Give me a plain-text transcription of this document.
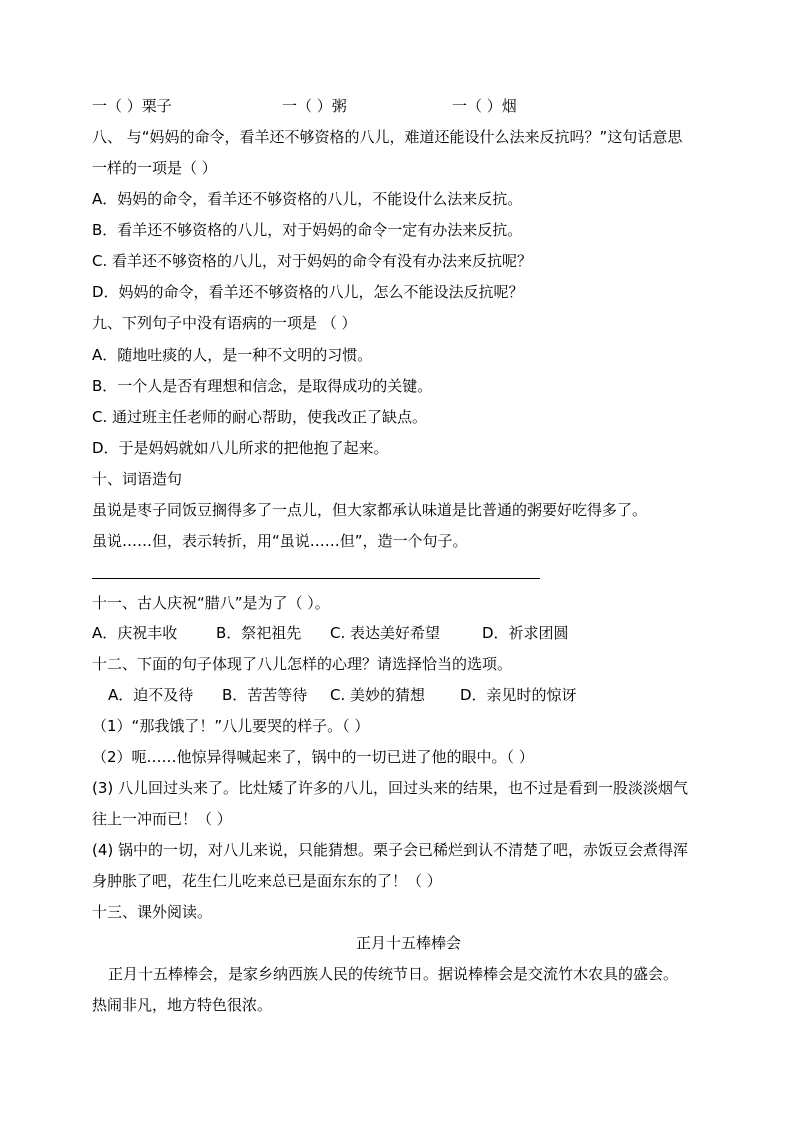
一（ ）栗子	一（ ）粥	一（ ）烟
八、 与“妈妈的命令，看羊还不够资格的八儿，难道还能设什么法来反抗吗？”这句话意思
一样的一项是（ ）
A．妈妈的命令，看羊还不够资格的八儿，不能设什么法来反抗。
B．看羊还不够资格的八儿，对于妈妈的命令一定有办法来反抗。
C. 看羊还不够资格的八儿，对于妈妈的命令有没有办法来反抗呢？
D．妈妈的命令，看羊还不够资格的八儿，怎么不能设法反抗呢？
九、下列句子中没有语病的一项是 （ ）
A．随地吐痰的人，是一种不文明的习惯。
B．一个人是否有理想和信念，是取得成功的关键。
C. 通过班主任老师的耐心帮助，使我改正了缺点。
D．于是妈妈就如八儿所求的把他抱了起来。
十、词语造句
虽说是枣子同饭豆搁得多了一点儿，但大家都承认味道是比普通的粥要好吃得多了。
虽说……但，表示转折，用“虽说……但”，造一个句子。
十一、古人庆祝“腊八”是为了（ ）。
A．庆祝丰收	B．祭祀祖先 C. 表达美好希望	D．祈求团圆
十二、下面的句子体现了八儿怎样的心理？请选择恰当的选项。
A．迫不及待 B．苦苦等待 C. 美妙的猜想 D．亲见时的惊讶
（1）“那我饿了！”八儿要哭的样子。（ ）
（2）呃……他惊异得喊起来了，锅中的一切已进了他的眼中。（ ）
(3) 八儿回过头来了。比灶矮了许多的八儿，回过头来的结果，也不过是看到一股淡淡烟气
往上一冲而已！（ ）
(4) 锅中的一切，对八儿来说，只能猜想。栗子会已稀烂到认不清楚了吧，赤饭豆会煮得浑
身肿胀了吧，花生仁儿吃来总已是面东东的了！（ ）
十三、课外阅读。
正月十五棒棒会
正月十五棒棒会，是家乡纳西族人民的传统节日。据说棒棒会是交流竹木农具的盛会。
热闹非凡，地方特色很浓。
